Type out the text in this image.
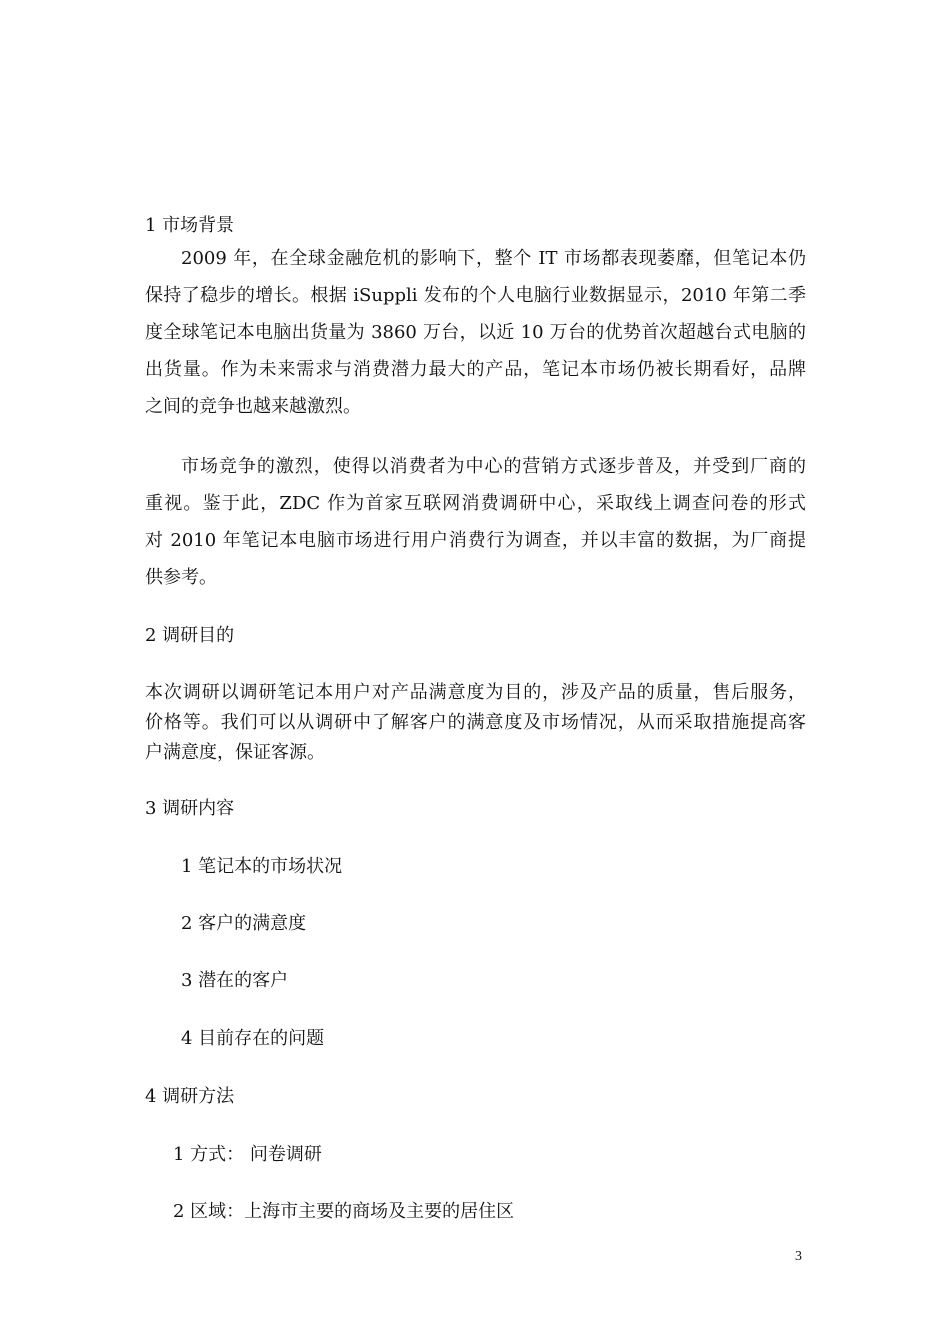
1 市场背景
2009 年，在全球金融危机的影响下，整个 IT 市场都表现萎靡，但笔记本仍
保持了稳步的增长。根据 iSuppli 发布的个人电脑行业数据显示，2010 年第二季
度全球笔记本电脑出货量为 3860 万台，以近 10 万台的优势首次超越台式电脑的
出货量。作为未来需求与消费潜力最大的产品，笔记本市场仍被长期看好，品牌
之间的竞争也越来越激烈。
市场竞争的激烈，使得以消费者为中心的营销方式逐步普及，并受到厂商的
重视。鉴于此，ZDC 作为首家互联网消费调研中心，采取线上调查问卷的形式
对 2010 年笔记本电脑市场进行用户消费行为调查，并以丰富的数据，为厂商提
供参考。
2 调研目的
本次调研以调研笔记本用户对产品满意度为目的，涉及产品的质量，售后服务，
价格等。我们可以从调研中了解客户的满意度及市场情况，从而采取措施提高客
户满意度，保证客源。
3 调研内容
1 笔记本的市场状况
2 客户的满意度
3 潜在的客户
4 目前存在的问题
4 调研方法
1 方式： 问卷调研
2 区域：上海市主要的商场及主要的居住区
3
